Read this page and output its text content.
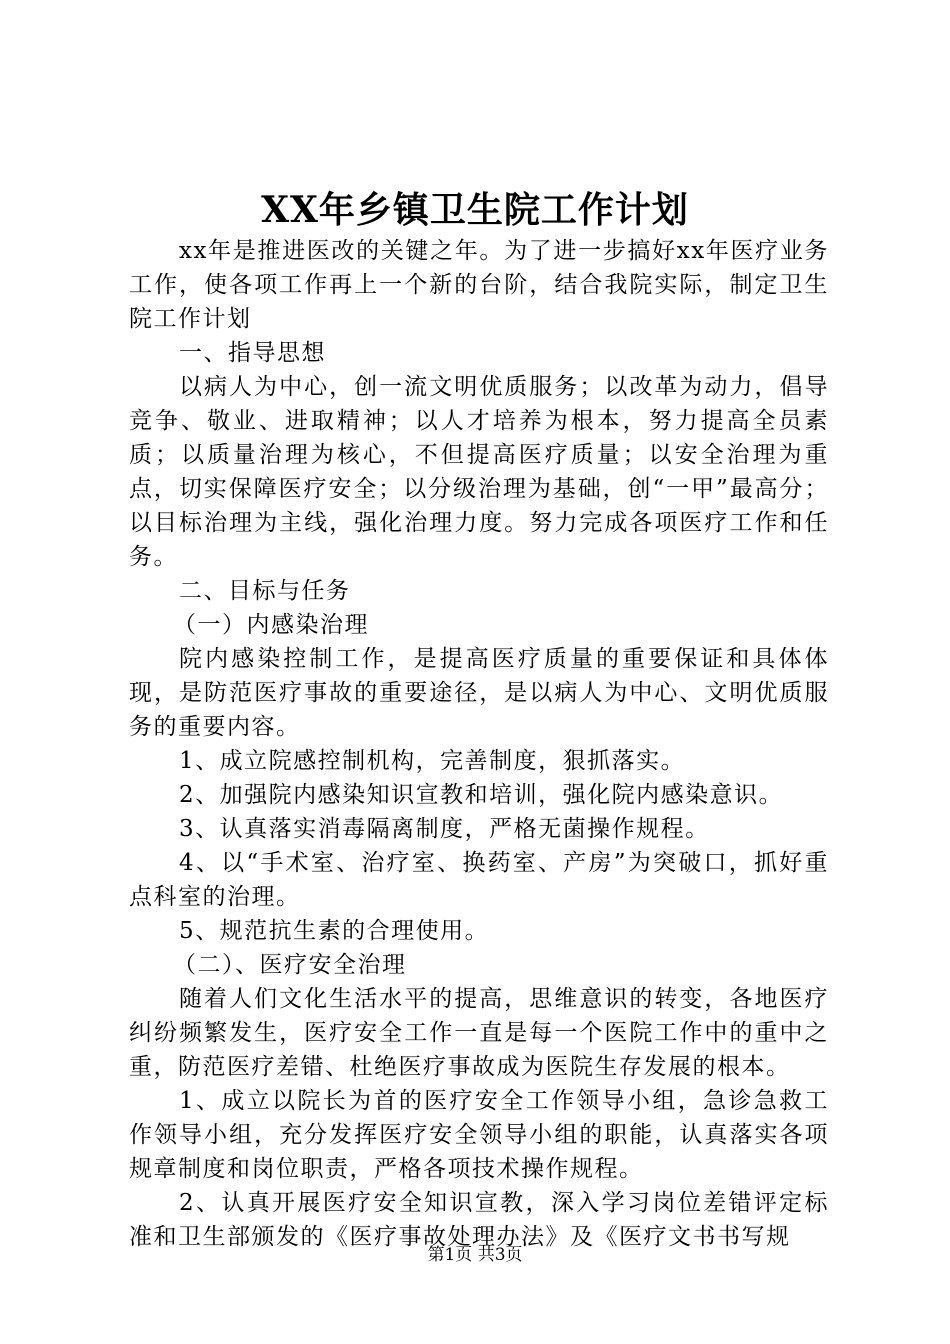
XX年乡镇卫生院工作计划

xx年是推进医改的关键之年。为了进一步搞好xx年医疗业务工作，使各项工作再上一个新的台阶，结合我院实际，制定卫生院工作计划

一、指导思想

以病人为中心，创一流文明优质服务；以改革为动力，倡导竞争、敬业、进取精神；以人才培养为根本，努力提高全员素质；以质量治理为核心，不但提高医疗质量；以安全治理为重点，切实保障医疗安全；以分级治理为基础，创“一甲”最高分；以目标治理为主线，强化治理力度。努力完成各项医疗工作和任务。

二、目标与任务

（一）内感染治理

院内感染控制工作，是提高医疗质量的重要保证和具体体现，是防范医疗事故的重要途径，是以病人为中心、文明优质服务的重要内容。

1、成立院感控制机构，完善制度，狠抓落实。

2、加强院内感染知识宣教和培训，强化院内感染意识。

3、认真落实消毒隔离制度，严格无菌操作规程。

4、以“手术室、治疗室、换药室、产房”为突破口，抓好重点科室的治理。

5、规范抗生素的合理使用。

（二）、医疗安全治理

随着人们文化生活水平的提高，思维意识的转变，各地医疗纠纷频繁发生，医疗安全工作一直是每一个医院工作中的重中之重，防范医疗差错、杜绝医疗事故成为医院生存发展的根本。

1、成立以院长为首的医疗安全工作领导小组，急诊急救工作领导小组，充分发挥医疗安全领导小组的职能，认真落实各项规章制度和岗位职责，严格各项技术操作规程。

2、认真开展医疗安全知识宣教，深入学习岗位差错评定标准和卫生部颁发的《医疗事故处理办法》及《医疗文书书写规

第1页 共3页
